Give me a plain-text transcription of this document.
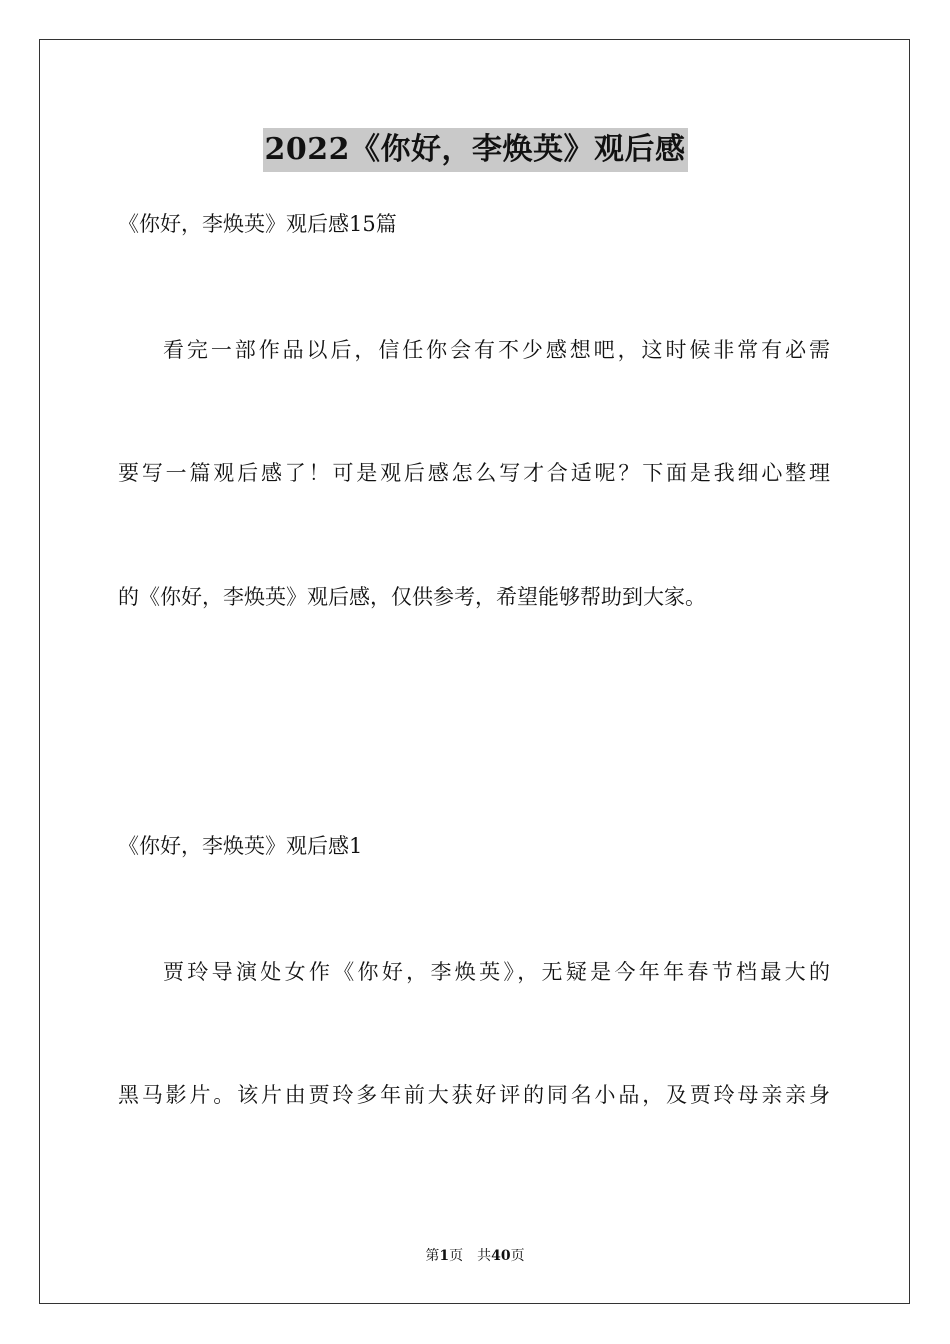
2022《你好，李焕英》观后感
《你好，李焕英》观后感15篇
看完一部作品以后，信任你会有不少感想吧，这时候非常有必需
要写一篇观后感了！可是观后感怎么写才合适呢？下面是我细心整理
的《你好，李焕英》观后感，仅供参考，希望能够帮助到大家。
《你好，李焕英》观后感1
贾玲导演处女作《你好，李焕英》，无疑是今年年春节档最大的
黑马影片。该片由贾玲多年前大获好评的同名小品，及贾玲母亲亲身
第1页 共40页
